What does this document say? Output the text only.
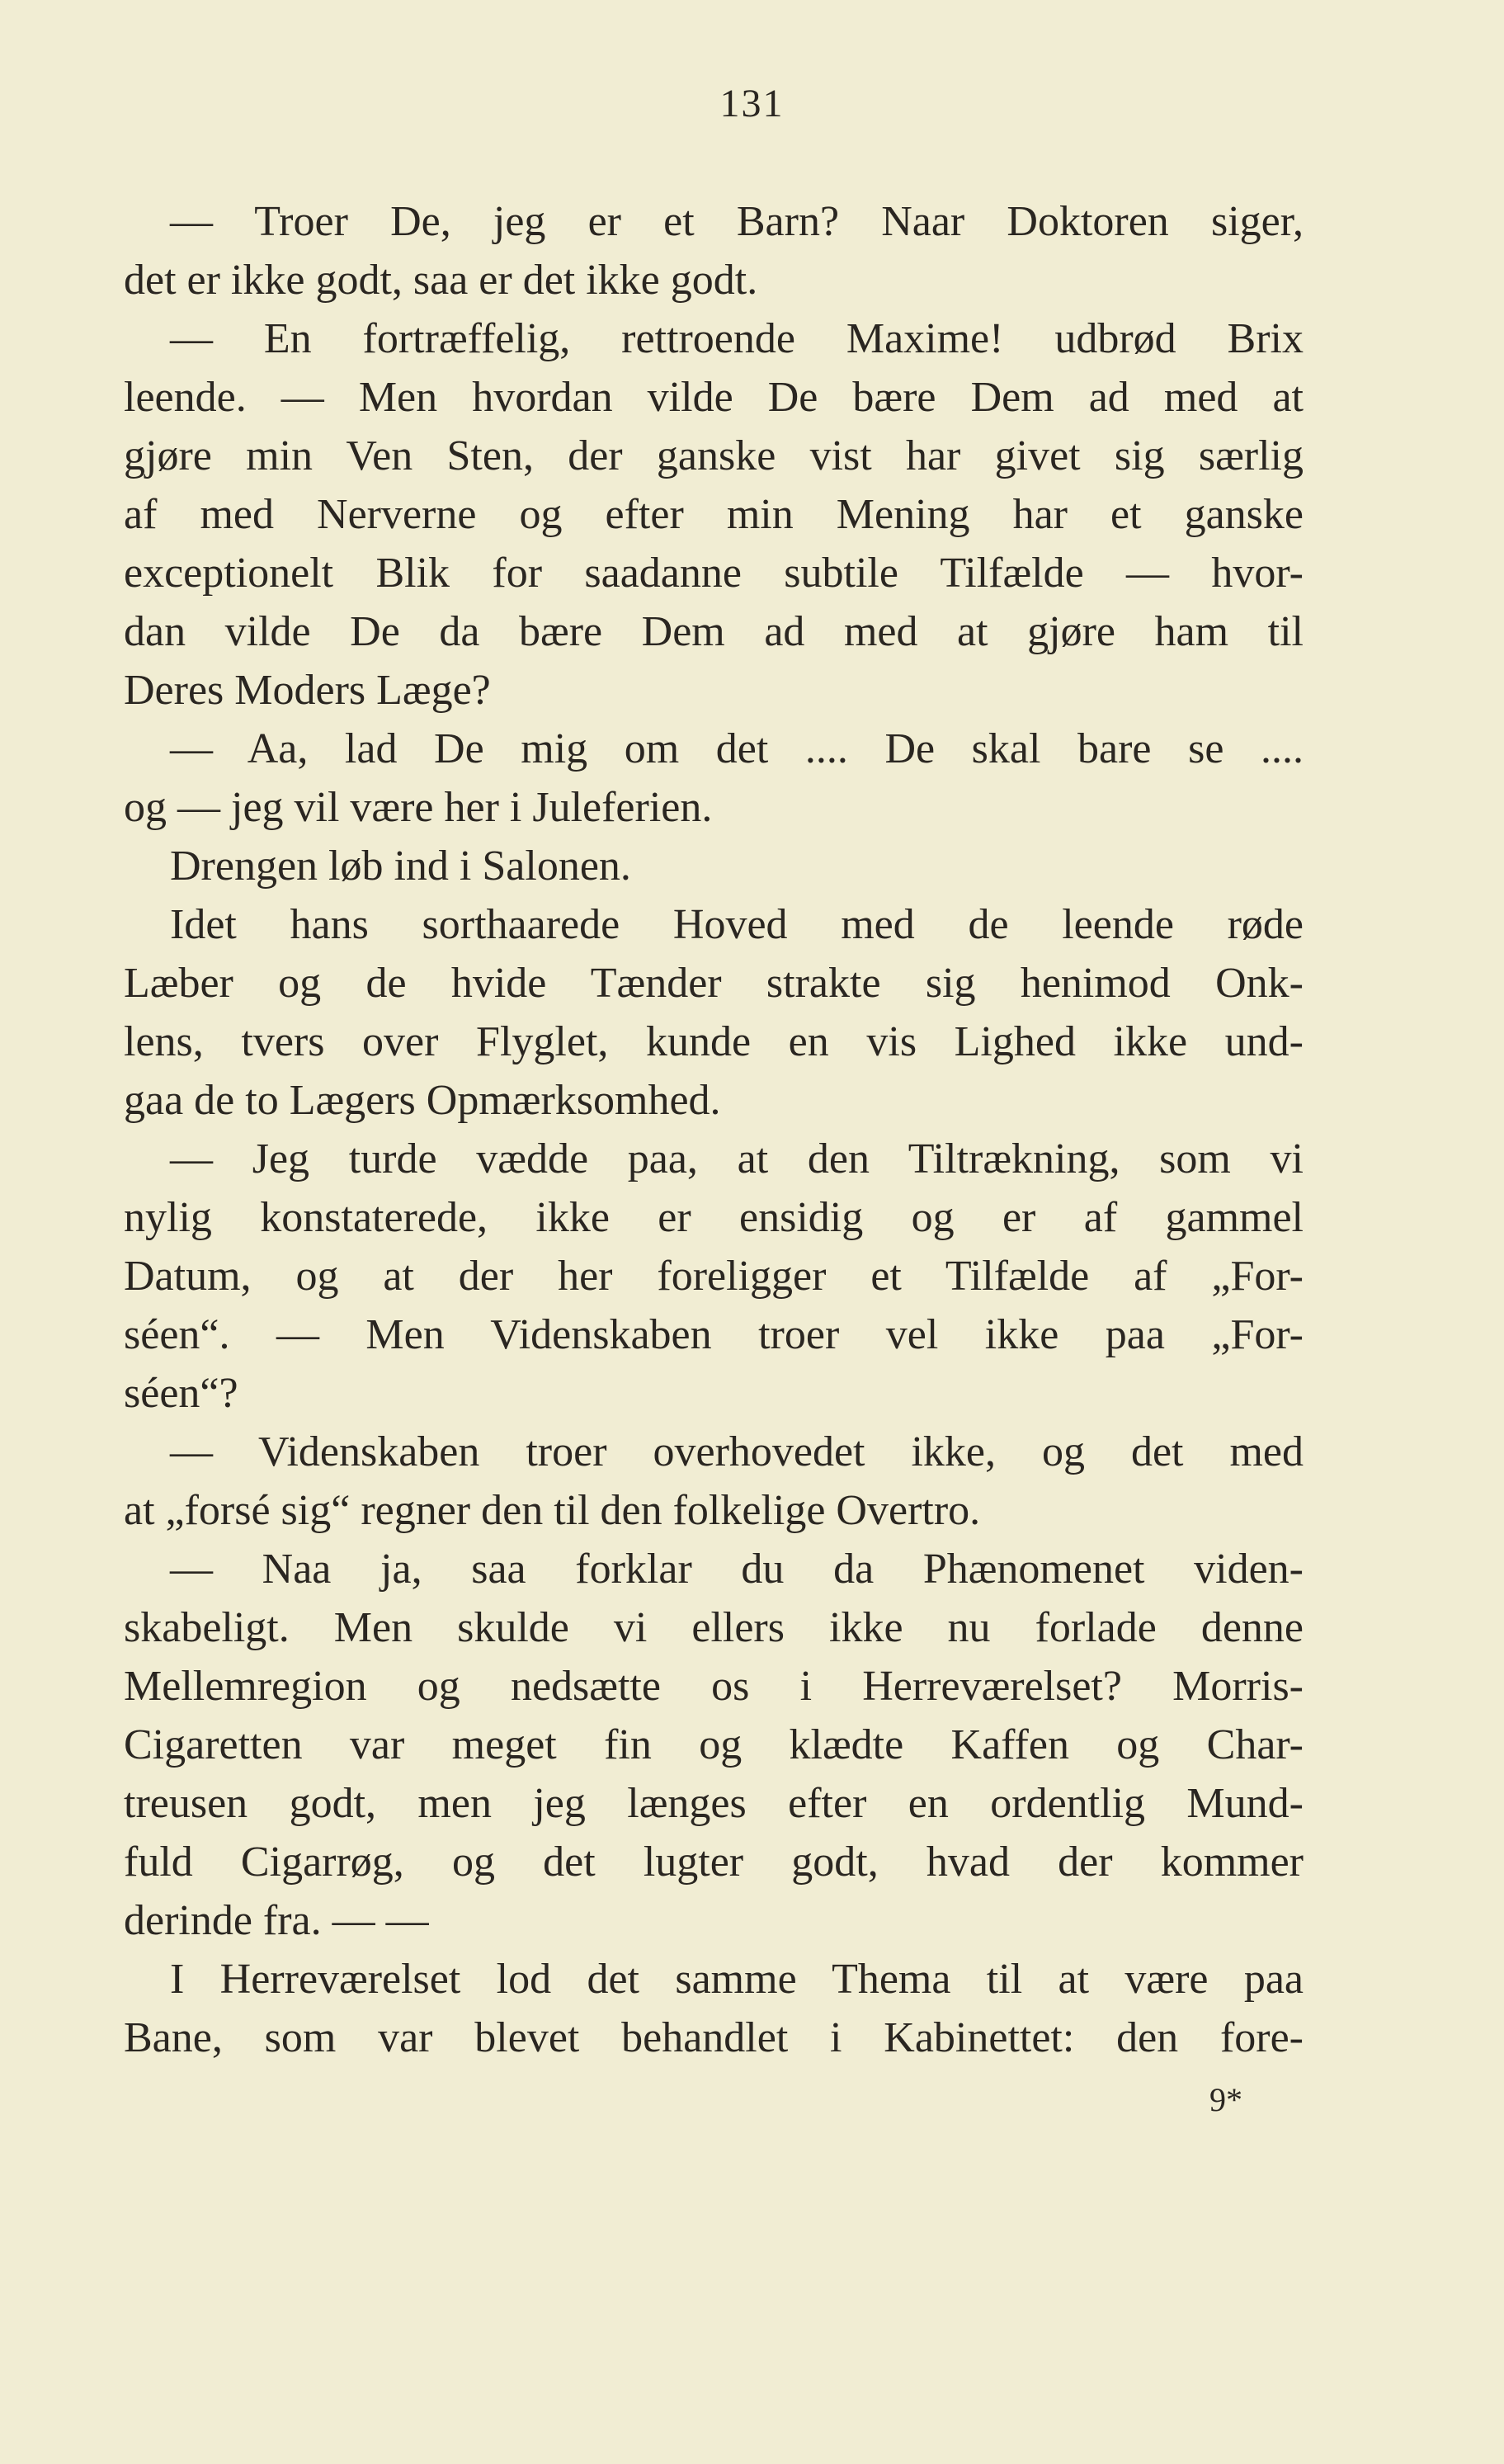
131
— Troer De, jeg er et Barn? Naar Doktoren siger,
det er ikke godt, saa er det ikke godt.
— En fortræffelig, rettroende Maxime! udbrød Brix
leende. — Men hvordan vilde De bære Dem ad med at
gjøre min Ven Sten, der ganske vist har givet sig særlig
af med Nerverne og efter min Mening har et ganske
exceptionelt Blik for saadanne subtile Tilfælde — hvor-
dan vilde De da bære Dem ad med at gjøre ham til
Deres Moders Læge?
— Aa, lad De mig om det .... De skal bare se ....
og — jeg vil være her i Juleferien.
Drengen løb ind i Salonen.
Idet hans sorthaarede Hoved med de leende røde
Læber og de hvide Tænder strakte sig henimod Onk-
lens, tvers over Flyglet, kunde en vis Lighed ikke und-
gaa de to Lægers Opmærksomhed.
— Jeg turde vædde paa, at den Tiltrækning, som vi
nylig konstaterede, ikke er ensidig og er af gammel
Datum, og at der her foreligger et Tilfælde af „For-
séen“. — Men Videnskaben troer vel ikke paa „For-
séen“?
— Videnskaben troer overhovedet ikke, og det med
at „forsé sig“ regner den til den folkelige Overtro.
— Naa ja, saa forklar du da Phænomenet viden-
skabeligt. Men skulde vi ellers ikke nu forlade denne
Mellemregion og nedsætte os i Herreværelset? Morris-
Cigaretten var meget fin og klædte Kaffen og Char-
treusen godt, men jeg længes efter en ordentlig Mund-
fuld Cigarrøg, og det lugter godt, hvad der kommer
derinde fra. — —
I Herreværelset lod det samme Thema til at være paa
Bane, som var blevet behandlet i Kabinettet: den fore-
9*
